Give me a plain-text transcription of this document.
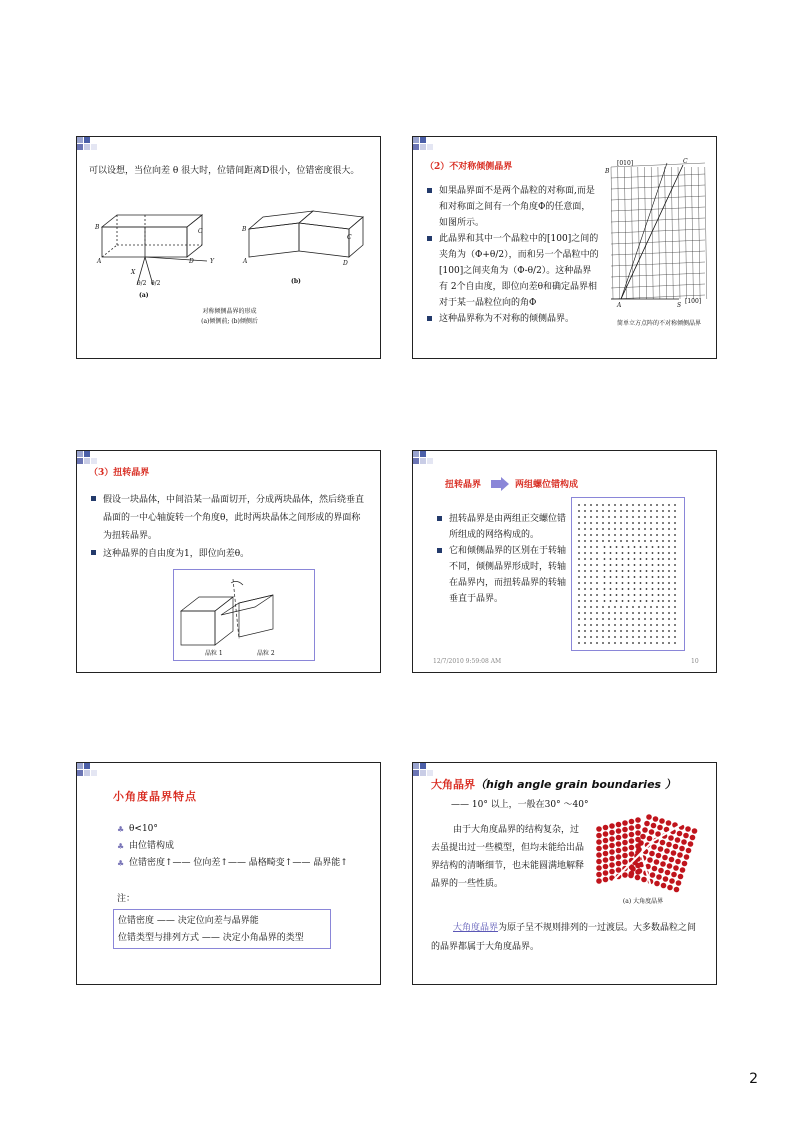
可以设想，当位向差 θ 很大时，位错间距离D很小，位错密度很大。
B
C
A	D	Y
X
θ/2 θ/2
(a)
B
C
A	D
(b)
对称倾侧晶界的形成
(a)倾侧前; (b)倾侧后
（2）不对称倾侧晶界
如果晶界面不是两个晶粒的对称面,而是和对称面之间有一个角度Φ的任意面，如图所示。
此晶界和其中一个晶粒中的[100]之间的夹角为（Φ+θ/2），而和另一个晶粒中的[100]之间夹角为（Φ-θ/2）。这种晶界有 2个自由度，即位向差θ和确定晶界相对于某一晶粒位向的角Φ
这种晶界称为不对称的倾侧晶界。
[010]	C
B
A	S
[100]
简单立方点阵的不对称倾侧晶界
（3）扭转晶界
假设一块晶体，中间沿某一晶面切开，分成两块晶体，然后绕垂直 晶面的一中心轴旋转一个角度θ，此时两块晶体之间形成的界面称为扭转晶界。
这种晶界的自由度为1，即位向差θ。
晶粒 1	晶粒 2
扭转晶界	两组螺位错构成
扭转晶界是由两组正交螺位错所组成的网络构成的。
它和倾侧晶界的区别在于转轴不同，倾侧晶界形成时，转轴在晶界内，而扭转晶界的转轴垂直于晶界。
12/7/2010 9:59:08 AM	10
小角度晶界特点
♣ θ<10°
♣ 由位错构成
♣ 位错密度↑—— 位向差↑—— 晶格畸变↑—— 晶界能↑
注：
位错密度 —— 决定位向差与晶界能
位错类型与排列方式 —— 决定小角晶界的类型
大角晶界（high angle grain boundaries ）
—— 10° 以上，一般在30° ～40°
由于大角度晶界的结构复杂，过去虽提出过一些模型，但均未能给出晶界结构的清晰细节，也未能圆满地解释晶界的一些性质。
(a) 大角度晶界
大角度晶界为原子呈不规则排列的一过渡层。大多数晶粒之间的晶界都属于大角度晶界。
2
